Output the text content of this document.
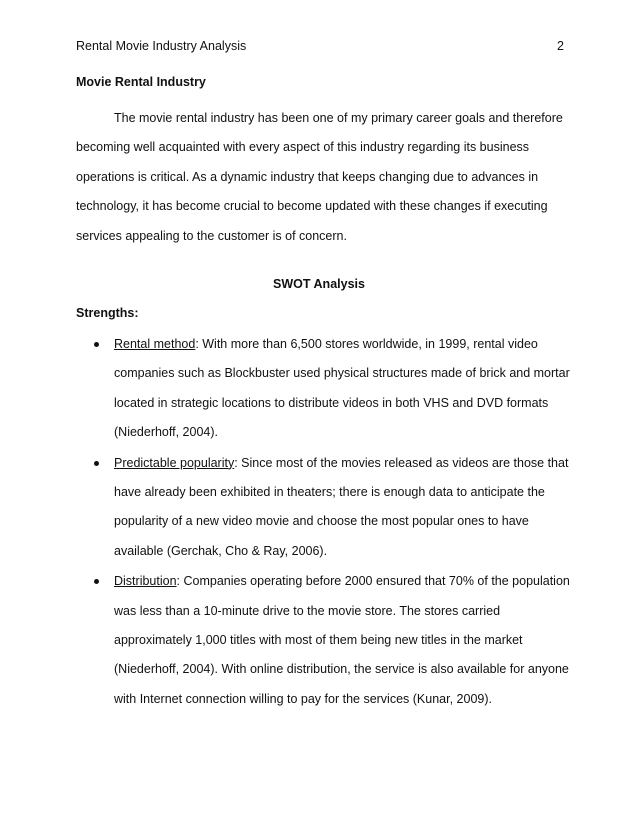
Rental Movie Industry Analysis	2
Movie Rental Industry

The movie rental industry has been one of my primary career goals and therefore becoming well acquainted with every aspect of this industry regarding its business operations is critical. As a dynamic industry that keeps changing due to advances in technology, it has become crucial to become updated with these changes if executing services appealing to the customer is of concern.

SWOT Analysis
Strengths:
Rental method: With more than 6,500 stores worldwide, in 1999, rental video companies such as Blockbuster used physical structures made of brick and mortar located in strategic locations to distribute videos in both VHS and DVD formats (Niederhoff, 2004).
Predictable popularity: Since most of the movies released as videos are those that have already been exhibited in theaters; there is enough data to anticipate the popularity of a new video movie and choose the most popular ones to have available (Gerchak, Cho & Ray, 2006).
Distribution: Companies operating before 2000 ensured that 70% of the population was less than a 10-minute drive to the movie store. The stores carried approximately 1,000 titles with most of them being new titles in the market (Niederhoff, 2004). With online distribution, the service is also available for anyone with Internet connection willing to pay for the services (Kunar, 2009).
